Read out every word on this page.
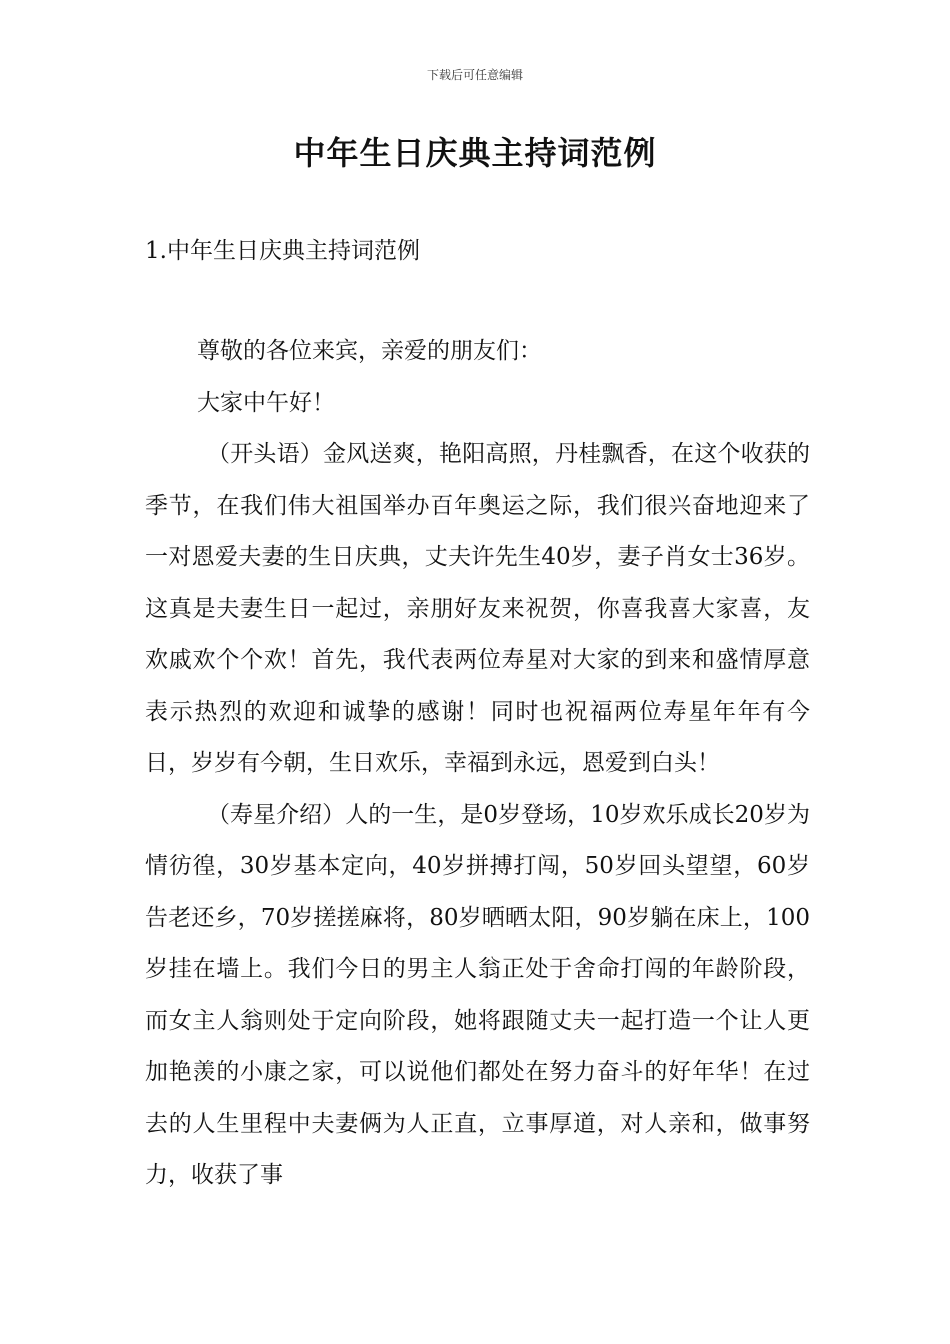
下载后可任意编辑
中年生日庆典主持词范例
1.中年生日庆典主持词范例

尊敬的各位来宾，亲爱的朋友们：

大家中午好！

（开头语）金风送爽，艳阳高照，丹桂飘香，在这个收获的季节，在我们伟大祖国举办百年奥运之际，我们很兴奋地迎来了一对恩爱夫妻的生日庆典，丈夫许先生40岁，妻子肖女士36岁。这真是夫妻生日一起过，亲朋好友来祝贺，你喜我喜大家喜，友欢戚欢个个欢！首先，我代表两位寿星对大家的到来和盛情厚意表示热烈的欢迎和诚挚的感谢！同时也祝福两位寿星年年有今日，岁岁有今朝，生日欢乐，幸福到永远，恩爱到白头！

（寿星介绍）人的一生，是0岁登场，10岁欢乐成长20岁为情彷徨，30岁基本定向，40岁拼搏打闯，50岁回头望望，60岁告老还乡，70岁搓搓麻将，80岁晒晒太阳，90岁躺在床上，100岁挂在墙上。我们今日的男主人翁正处于舍命打闯的年龄阶段，而女主人翁则处于定向阶段，她将跟随丈夫一起打造一个让人更加艳羡的小康之家，可以说他们都处在努力奋斗的好年华！在过去的人生里程中夫妻俩为人正直，立事厚道，对人亲和，做事努力，收获了事
